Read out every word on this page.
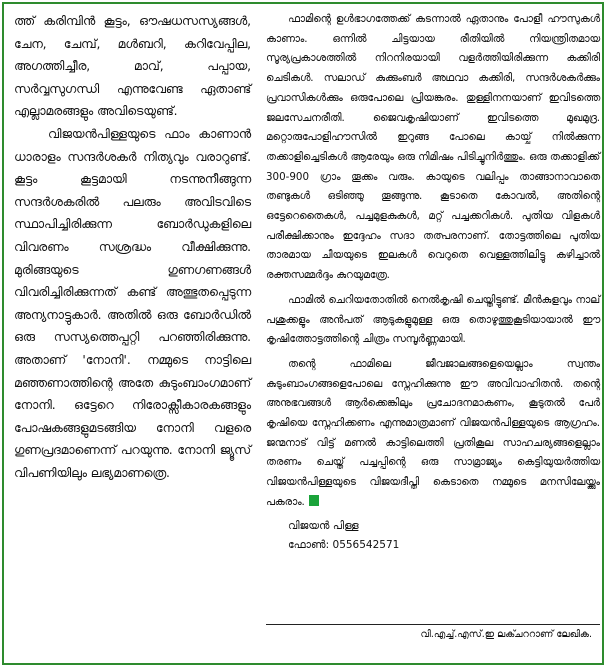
ത്ത് കരിമ്പിൻ കൂട്ടം, ഔഷധസസ്യങ്ങൾ, ചേന, ചേമ്പ്, മൾബറി, കറിവേപ്പില, അഗത്തിച്ചീര, മാവ്, പപ്പായ, സർവ്വസുഗന്ധി എന്നുവേണ്ട ഏതാണ്ട് എല്ലാമരങ്ങളും അവിടെയുണ്ട്.

വിജയൻപിള്ളയുടെ ഫാം കാണാൻ ധാരാളം സന്ദർശകർ നിത്യവും വരാറുണ്ട്. കൂട്ടം കൂട്ടമായി നടന്നുനീങ്ങുന്ന സന്ദർശകരിൽ പലരും അവിടവിടെ സ്ഥാപിച്ചിരിക്കുന്ന ബോർഡുകളിലെ വിവരണം സശ്രദ്ധം വീക്ഷിക്കുന്നു. മുരിങ്ങയുടെ ഗുണഗണങ്ങൾ വിവരിച്ചിരിക്കുന്നത് കണ്ട് അത്ഭുതപ്പെടുന്ന അന്യനാട്ടുകാർ. അതിൽ ഒരു ബോർഡിൽ ഒരു സസ്യത്തെപ്പറ്റി പറഞ്ഞിരിക്കുന്നു. അതാണ് 'നോനി'. നമ്മുടെ നാട്ടിലെ മഞ്ഞണാത്തിന്റെ അതേ കുടുംബാംഗമാണ് നോനി. ഒട്ടേറെ നിരോക്സീകാരകങ്ങളും പോഷകങ്ങളുമടങ്ങിയ നോനി വളരെ ഗുണപ്രദമാണെന്ന് പറയുന്നു. നോനി ജ്യൂസ് വിപണിയിലും ലഭ്യമാണത്രെ.

ഫാമിന്റെ ഉൾഭാഗത്തേക്ക് കടന്നാൽ ഏതാനും പോളീ ഹൗസുകൾ കാണാം. ഒന്നിൽ ചിട്ടയായ രീതിയിൽ നിയന്ത്രിതമായ സൂര്യപ്രകാശത്തിൽ നിറനിരയായി വളർത്തിയിരിക്കുന്ന കക്കിരി ചെടികൾ. സലാഡ് കുക്കുംബർ അഥവാ കക്കിരി, സന്ദർശകർക്കും പ്രവാസികൾക്കും ഒരുപോലെ പ്രിയങ്കരം. തുള്ളിനനയാണ് ഇവിടത്തെ ജലസേചനരീതി. ജൈവകൃഷിയാണ് ഇവിടത്തെ മുഖമുദ്ര. മറ്റൊരുപോളിഹൗസിൽ ഇറുങ്ങ പോലെ കായ്ച് നിൽക്കുന്ന തക്കാളിച്ചെടികൾ ആരേയും ഒരു നിമിഷം പിടിച്ചുനിർത്തും. ഒരു തക്കാളിക്ക് 300-900 ഗ്രാം തൂക്കം വരും. കായുടെ വലിപ്പം താങ്ങാനാവാതെ തണ്ടുകൾ ഒടിഞ്ഞു തൂങ്ങുന്നു. കൂടാതെ കോവൽ, അതിന്റെ ഒട്ടേറെതൈകൾ, പച്ചമുളകുകൾ, മറ്റ് പച്ചക്കറികൾ. പുതിയ വിളകൾ പരീക്ഷിക്കാനും ഇദ്ദേഹം സദാ തത്പരനാണ്. തോട്ടത്തിലെ പുതിയ താരമായ ചീയയുടെ ഇലകൾ വെറുതെ വെള്ളത്തിലിട്ടു കഴിച്ചാൽ രക്തസമ്മർദ്ദം കുറയുമത്രേ.

ഫാമിൽ ചെറിയതോതിൽ നെൽകൃഷി ചെയ്തിട്ടുണ്ട്. മീൻകുളവും നാല് പശുക്കളും അൻപത് ആടുകളുമുള്ള ഒരു തൊഴുത്തുകൂടിയായാൽ ഈ കൃഷിത്തോട്ടത്തിന്റെ ചിത്രം സമ്പൂർണ്ണമായി.

തന്റെ ഫാമിലെ ജീവജാലങ്ങളെയെല്ലാം സ്വന്തം കുടുംബാംഗങ്ങളെപോലെ സ്നേഹിക്കുന്നു ഈ അവിവാഹിതൻ. തന്റെ അനുഭവങ്ങൾ ആർക്കെങ്കിലും പ്രചോദനമാകണം, കൂടുതൽ പേർ കൃഷിയെ സ്നേഹിക്കണം എന്നുമാത്രമാണ് വിജയൻപിള്ളയുടെ ആഗ്രഹം. ജന്മനാട് വിട്ട് മണൽ കാട്ടിലെത്തി പ്രതികൂല സാഹചര്യങ്ങളെല്ലാം തരണം ചെയ്ത് പച്ചപ്പിന്റെ ഒരു സാമ്രാജ്യം കെട്ടിയുയർത്തിയ വിജയൻപിള്ളയുടെ വിജയദീപ്തി കെടാതെ നമ്മുടെ മനസിലേയ്ക്കും പകരാം.

വിജയൻ പിള്ള
ഫോൺ: 0556542571
വി.എച്ച്.എസ്.ഇ ലക്ചററാണ് ലേഖിക.
